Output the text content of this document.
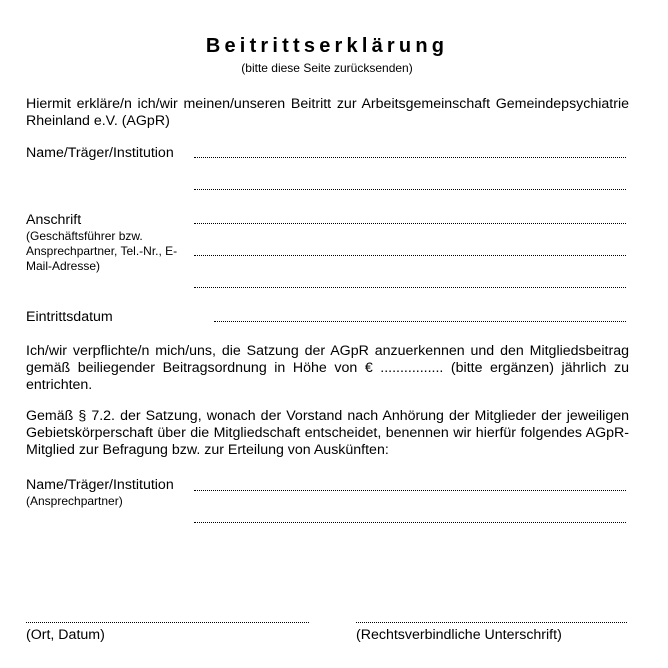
Beitrittserklärung
(bitte diese Seite zurücksenden)
Hiermit erkläre/n ich/wir meinen/unseren Beitritt zur Arbeitsgemeinschaft Gemeindepsychiatrie Rheinland e.V. (AGpR)
Name/Träger/Institution
Anschrift
(Geschäftsführer bzw. Ansprechpartner, Tel.-Nr., E-Mail-Adresse)
Eintrittsdatum
Ich/wir verpflichte/n mich/uns, die Satzung der AGpR anzuerkennen und den Mitgliedsbeitrag gemäß beiliegender Beitragsordnung in Höhe von € ................ (bitte ergänzen) jährlich zu entrichten.
Gemäß § 7.2. der Satzung, wonach der Vorstand nach Anhörung der Mitglieder der jeweiligen Gebietskörperschaft über die Mitgliedschaft entscheidet, benennen wir hierfür folgendes AGpR-Mitglied zur Befragung bzw. zur Erteilung von Auskünften:
Name/Träger/Institution
(Ansprechpartner)
(Ort, Datum)	(Rechtsverbindliche Unterschrift)
